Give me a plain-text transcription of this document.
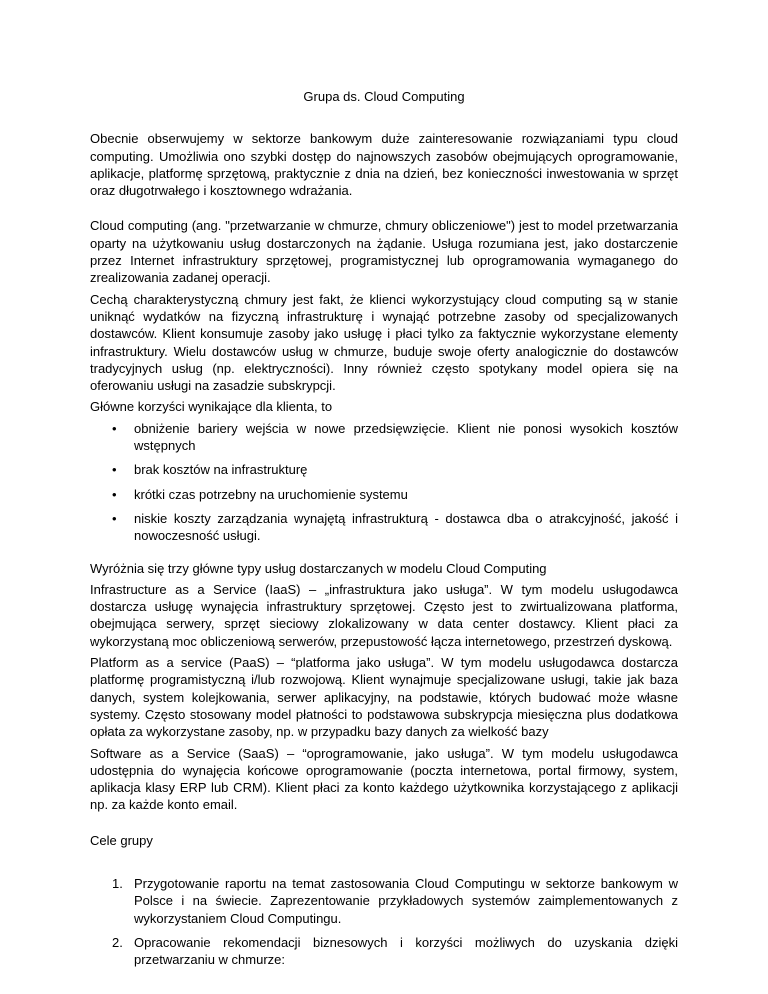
Grupa ds. Cloud Computing

Obecnie obserwujemy w sektorze bankowym duże zainteresowanie rozwiązaniami typu cloud computing. Umożliwia ono szybki dostęp do najnowszych zasobów obejmujących oprogramowanie, aplikacje, platformę sprzętową, praktycznie z dnia na dzień, bez konieczności inwestowania w sprzęt oraz długotrwałego i kosztownego wdrażania.

Cloud computing (ang. "przetwarzanie w chmurze, chmury obliczeniowe") jest to model przetwarzania oparty na użytkowaniu usług dostarczonych na żądanie. Usługa rozumiana jest, jako dostarczenie przez Internet infrastruktury sprzętowej, programistycznej lub oprogramowania wymaganego do zrealizowania zadanej operacji.

Cechą charakterystyczną chmury jest fakt, że klienci wykorzystujący cloud computing są w stanie uniknąć wydatków na fizyczną infrastrukturę i wynająć potrzebne zasoby od specjalizowanych dostawców. Klient konsumuje zasoby jako usługę i płaci tylko za faktycznie wykorzystane elementy infrastruktury. Wielu dostawców usług w chmurze, buduje swoje oferty analogicznie do dostawców tradycyjnych usług (np. elektryczności). Inny również często spotykany model opiera się na oferowaniu usługi na zasadzie subskrypcji.

Główne korzyści wynikające dla klienta, to

• obniżenie bariery wejścia w nowe przedsięwzięcie. Klient nie ponosi wysokich kosztów wstępnych
• brak kosztów na infrastrukturę
• krótki czas potrzebny na uruchomienie systemu
• niskie koszty zarządzania wynajętą infrastrukturą - dostawca dba o atrakcyjność, jakość i nowoczesność usługi.

Wyróżnia się trzy główne typy usług dostarczanych w modelu Cloud Computing

Infrastructure as a Service (IaaS) – „infrastruktura jako usługa”. W tym modelu usługodawca dostarcza usługę wynajęcia infrastruktury sprzętowej. Często jest to zwirtualizowana platforma, obejmująca serwery, sprzęt sieciowy zlokalizowany w data center dostawcy. Klient płaci za wykorzystaną moc obliczeniową serwerów, przepustowość łącza internetowego, przestrzeń dyskową.

Platform as a service (PaaS) – “platforma jako usługa”. W tym modelu usługodawca dostarcza platformę programistyczną i/lub rozwojową. Klient wynajmuje specjalizowane usługi, takie jak baza danych, system kolejkowania, serwer aplikacyjny, na podstawie, których budować może własne systemy. Często stosowany model płatności to podstawowa subskrypcja miesięczna plus dodatkowa opłata za wykorzystane zasoby, np. w przypadku bazy danych za wielkość bazy

Software as a Service (SaaS) – “oprogramowanie, jako usługa”. W tym modelu usługodawca udostępnia do wynajęcia końcowe oprogramowanie (poczta internetowa, portal firmowy, system, aplikacja klasy ERP lub CRM). Klient płaci za konto każdego użytkownika korzystającego z aplikacji np. za każde konto email.

Cele grupy

1. Przygotowanie raportu na temat zastosowania Cloud Computingu w sektorze bankowym w Polsce i na świecie. Zaprezentowanie przykładowych systemów zaimplementowanych z wykorzystaniem Cloud Computingu.
2. Opracowanie rekomendacji biznesowych i korzyści możliwych do uzyskania dzięki przetwarzaniu w chmurze:
